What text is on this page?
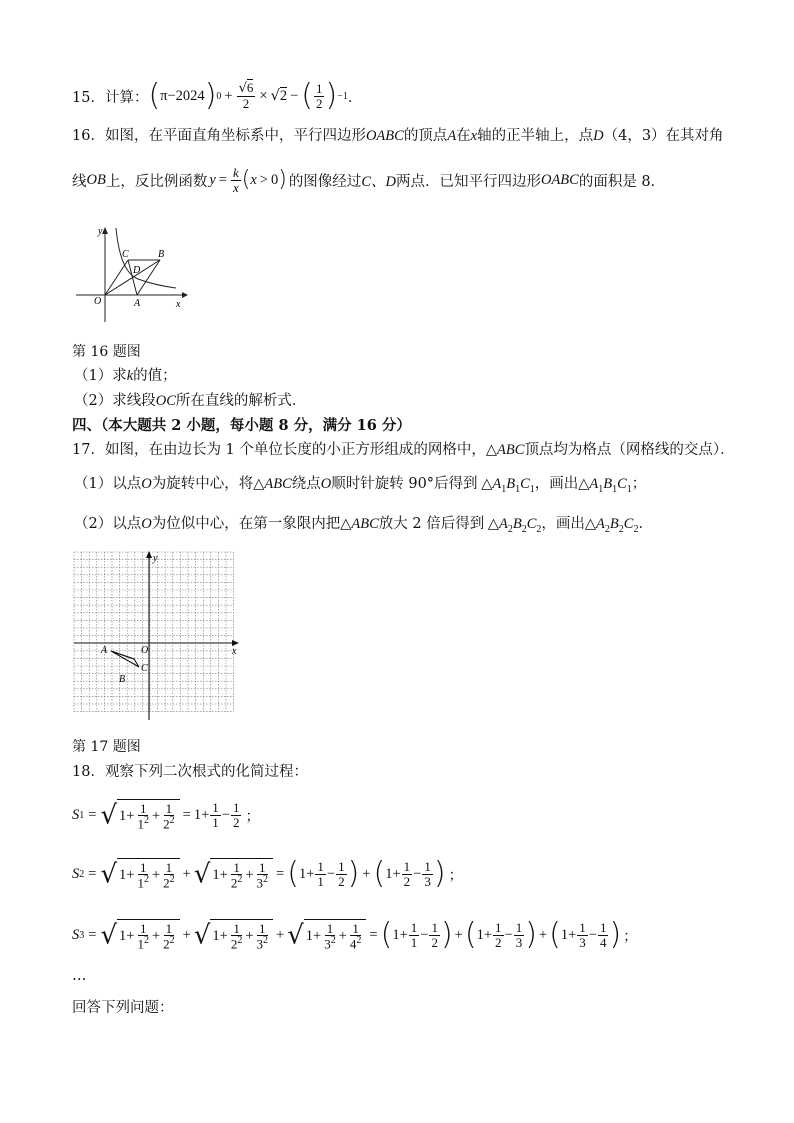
15．计算： ( π −2024 ) $0 + \frac{√6}{2} \times √2$ − ( $\frac{1}{2}$ ) −1 ．
16．如图，在平面直角坐标系中，平行四边形OABC的顶点A在x轴的正半轴上，点D（4，3）在其对角
线 OB 上，反比例函数 $y = \frac{k}{x}$ ( x > 0 ) 的图像经过 C、D 两点．已知平行四边形 OABC 的面积是 8．
y
x
O	A
B
C
D
第 16 题图
（1）求k的值；
（2）求线段OC所在直线的解析式．
四、（本大题共 2 小题，每小题 8 分，满分 16 分）
17．如图，在由边长为 1 个单位长度的小正方形组成的网格中，△ABC顶点均为格点（网格线的交点）．
（1）以点O为旋转中心，将△ABC绕点O顺时针旋转 90°后得到 $\triangle A_1B_1C_1$，画出$\triangle A_1B_1C_1$；
（2）以点O为位似中心，在第一象限内把△ABC放大 2 倍后得到 $\triangle A_2B_2C_2$，画出$\triangle A_2B_2C_2$．
y
x
O
A
B
C
第 17 题图
18．观察下列二次根式的化简过程：
S 1 = √ $1+ \frac{1}{1^2} + \frac{1}{2^2} = 1+ \frac{1}{1} - \frac{1}{2}$ ；
S 2 = √ $1+ \frac{1}{1^2} + \frac{1}{2^2}$ + √ $1+ \frac{1}{2^2} + \frac{1}{3^2}$ = ( $1+ \frac{1}{1} - \frac{1}{2}$ ) + ( $1+ \frac{1}{2} - \frac{1}{3}$ ) ；
S 3 = √ $1+ \frac{1}{1^2} + \frac{1}{2^2}$ + √ $1+ \frac{1}{2^2} + \frac{1}{3^2}$ + √ $1+ \frac{1}{3^2} + \frac{1}{4^2}$ = ( $1+ \frac{1}{1} - \frac{1}{2}$ ) + ( $1+ \frac{1}{2} - \frac{1}{3}$ ) + ( $1+ \frac{1}{3} - \frac{1}{4}$ ) ；
…
回答下列问题：
